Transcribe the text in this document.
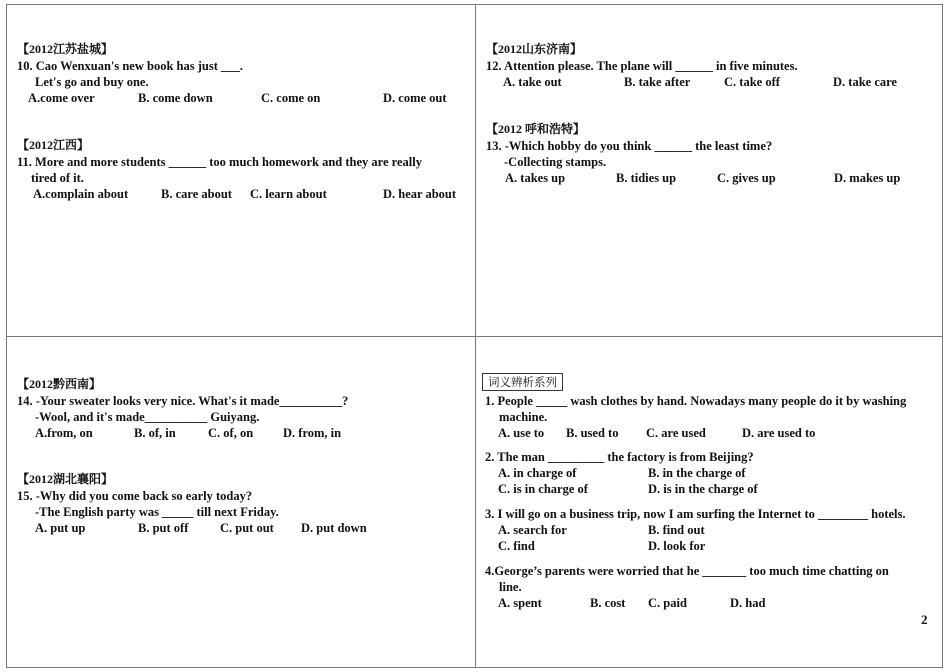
【2012江苏盐城】
10. Cao Wenxuan's new book has just ___.
Let's go and buy one.
A.come over	B. come down	C. come on	D. come out
【2012江西】
11. More and more students ______ too much homework and they are really
tired of it.
A.complain about	B. care about C. learn about	D. hear about
【2012山东济南】
12. Attention please. The plane will ______ in five minutes.
A. take out	B. take after	C. take off	D. take care
【2012 呼和浩特】
13. -Which hobby do you think ______ the least time?
-Collecting stamps.
A. takes up	B. tidies up	C. gives up	D. makes up
【2012黔西南】
14. -Your sweater looks very nice. What's it made__________?
-Wool, and it's made__________ Guiyang.
A.from, on	B. of, in	C. of, on D. from, in
【2012湖北襄阳】
15. -Why did you come back so early today?
-The English party was _____ till next Friday.
A. put up	B. put off	C. put out D. put down
词义辨析系列
1. People _____ wash clothes by hand. Nowadays many people do it by washing
machine.
A. use to B. used to C. are used	D. are used to
2. The man _________ the factory is from Beijing?
A. in charge of	B. in the charge of
C. is in charge of	D. is in the charge of
3. I will go on a business trip, now I am surfing the Internet to ________ hotels.
A. search for	B. find out
C. find	D. look for
4.George’s parents were worried that he _______ too much time chatting on
line.
A. spent	B. cost C. paid	D. had
2
